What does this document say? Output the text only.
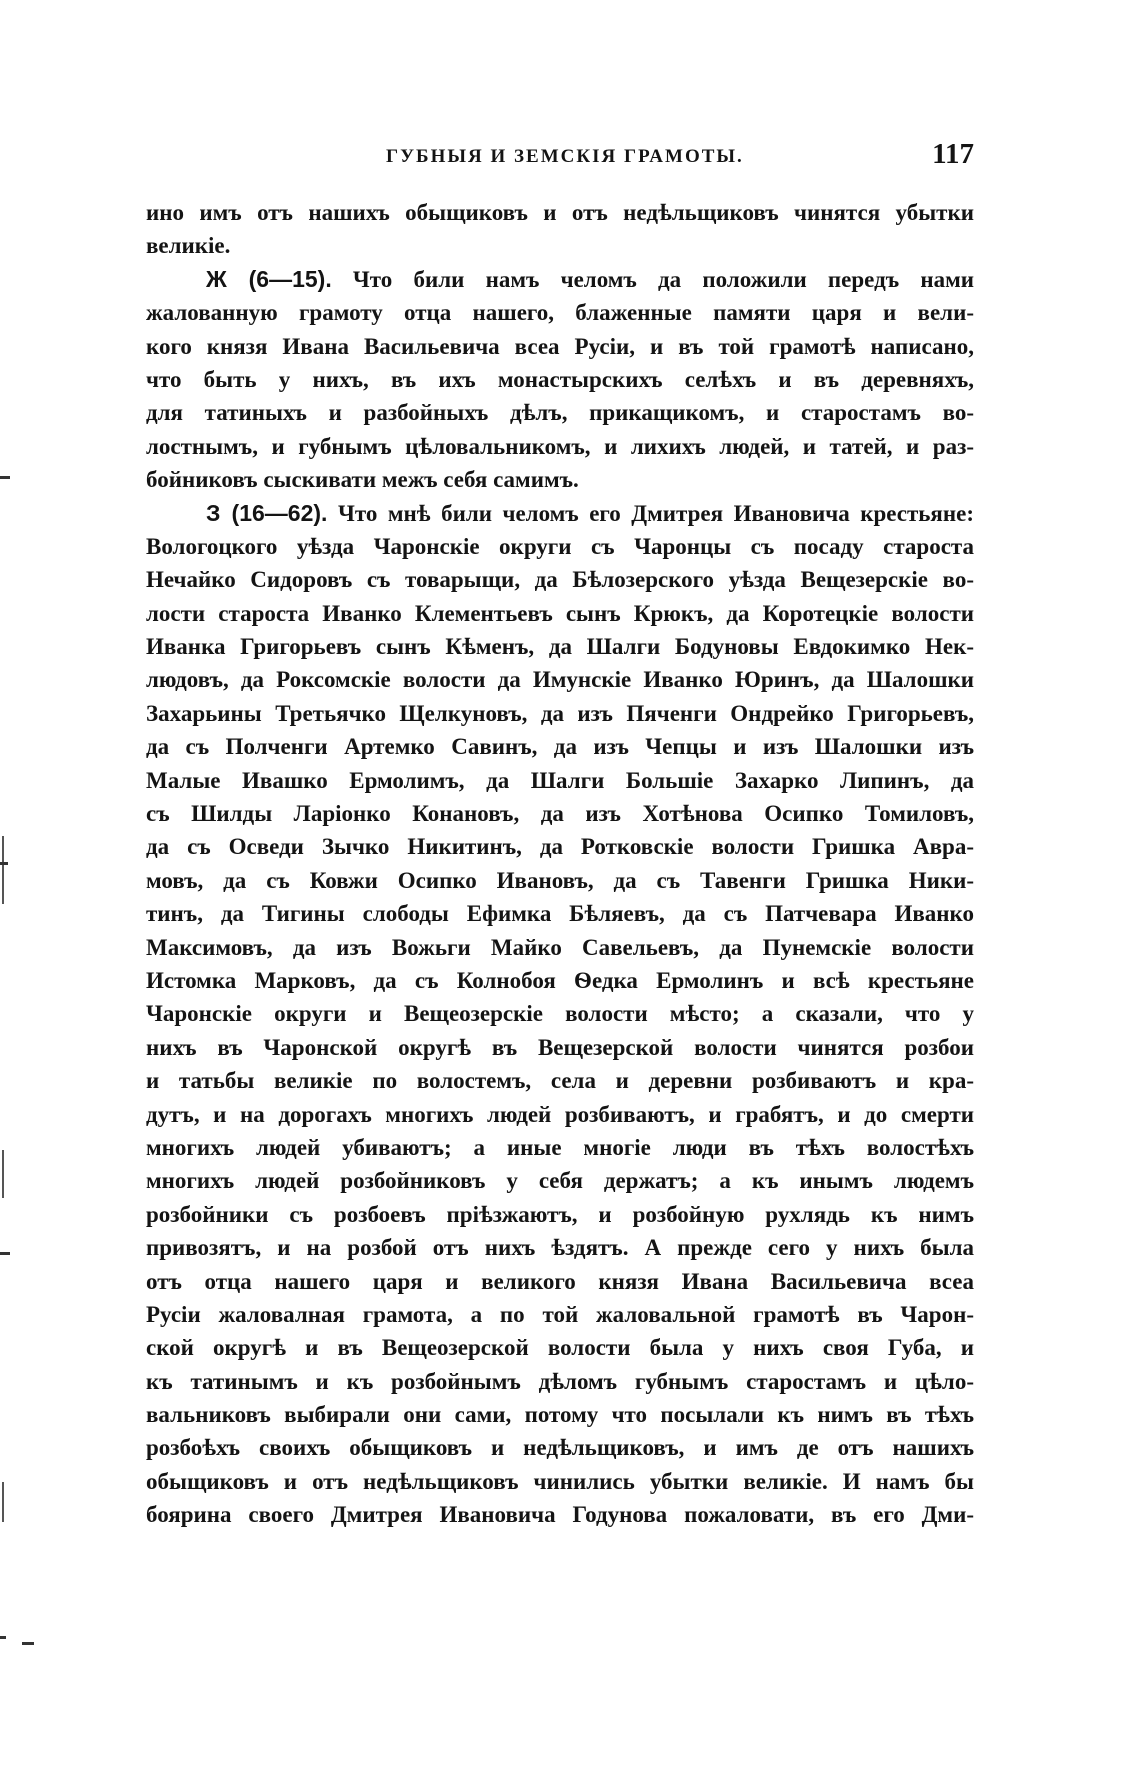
ГУБНЫЯ И ЗЕМСКІЯ ГРАМОТЫ.	117
ино имъ отъ нашихъ обыщиковъ и отъ недѣльщиковъ чинятся убытки
великіе.
Ж (6—15). Что били намъ челомъ да положили передъ нами
жалованную грамоту отца нашего, блаженные памяти царя и вели-
кого князя Ивана Васильевича всеа Русіи, и въ той грамотѣ написано,
что быть у нихъ, въ ихъ монастырскихъ селѣхъ и въ деревняхъ,
для татиныхъ и разбойныхъ дѣлъ, прикащикомъ, и старостамъ во-
лостнымъ, и губнымъ цѣловальникомъ, и лихихъ людей, и татей, и раз-
бойниковъ сыскивати межъ себя самимъ.
З (16—62). Что мнѣ били челомъ его Дмитрея Ивановича крестьяне:
Вологоцкого уѣзда Чаронскіе округи съ Чаронцы съ посаду староста
Нечайко Сидоровъ съ товарыщи, да Бѣлозерского уѣзда Вещезерскіе во-
лости староста Иванко Клементьевъ сынъ Крюкъ, да Коротецкіе волости
Иванка Григорьевъ сынъ Кѣменъ, да Шалги Бодуновы Евдокимко Нек-
людовъ, да Роксомскіе волости да Имунскіе Иванко Юринъ, да Шалошки
Захарьины Третьячко Щелкуновъ, да изъ Пяченги Ондрейко Григорьевъ,
да съ Полченги Артемко Савинъ, да изъ Чепцы и изъ Шалошки изъ
Малые Ивашко Ермолимъ, да Шалги Большіе Захарко Липинъ, да
съ Шилды Ларіонко Конановъ, да изъ Хотѣнова Осипко Томиловъ,
да съ Осведи Зычко Никитинъ, да Ротковскіе волости Гришка Аврa-
мовъ, да съ Ковжи Осипко Ивановъ, да съ Тавенги Гришка Ники-
тинъ, да Тигины слободы Ефимка Бѣляевъ, да съ Патчевара Иванко
Максимовъ, да изъ Вожьги Майко Савельевъ, да Пунемскіе волости
Истомка Марковъ, да съ Колнобоя Ѳедка Ермолинъ и всѣ крестьяне
Чаронскіе округи и Вещеозерскіе волости мѣсто; а сказали, что у
нихъ въ Чаронской округѣ въ Вещезерской волости чинятся розбои
и татьбы великіе по волостемъ, села и деревни розбиваютъ и кра-
дутъ, и на дорогахъ многихъ людей розбиваютъ, и грабятъ, и до смерти
многихъ людей убиваютъ; а иные многіе люди въ тѣхъ волостѣхъ
многихъ людей розбойниковъ у себя держатъ; а къ инымъ людемъ
розбойники съ розбоевъ пріѣзжаютъ, и розбойную рухлядь къ нимъ
привозятъ, и на розбой отъ нихъ ѣздятъ. А прежде сего у нихъ была
отъ отца нашего царя и великого князя Ивана Васильевича всеа
Русіи жаловалная грамота, а по той жаловальной грамотѣ въ Чарон-
ской округѣ и въ Вещеозерской волости была у нихъ своя Губа, и
къ татинымъ и къ розбойнымъ дѣломъ губнымъ старостамъ и цѣло-
вальниковъ выбирали они сами, потому что посылали къ нимъ въ тѣхъ
розбоѣхъ своихъ обыщиковъ и недѣльщиковъ, и имъ де отъ нашихъ
обыщиковъ и отъ недѣльщиковъ чинились убытки великіе. И намъ бы
боярина своего Дмитрея Ивановича Годунова пожаловати, въ его Дми-
